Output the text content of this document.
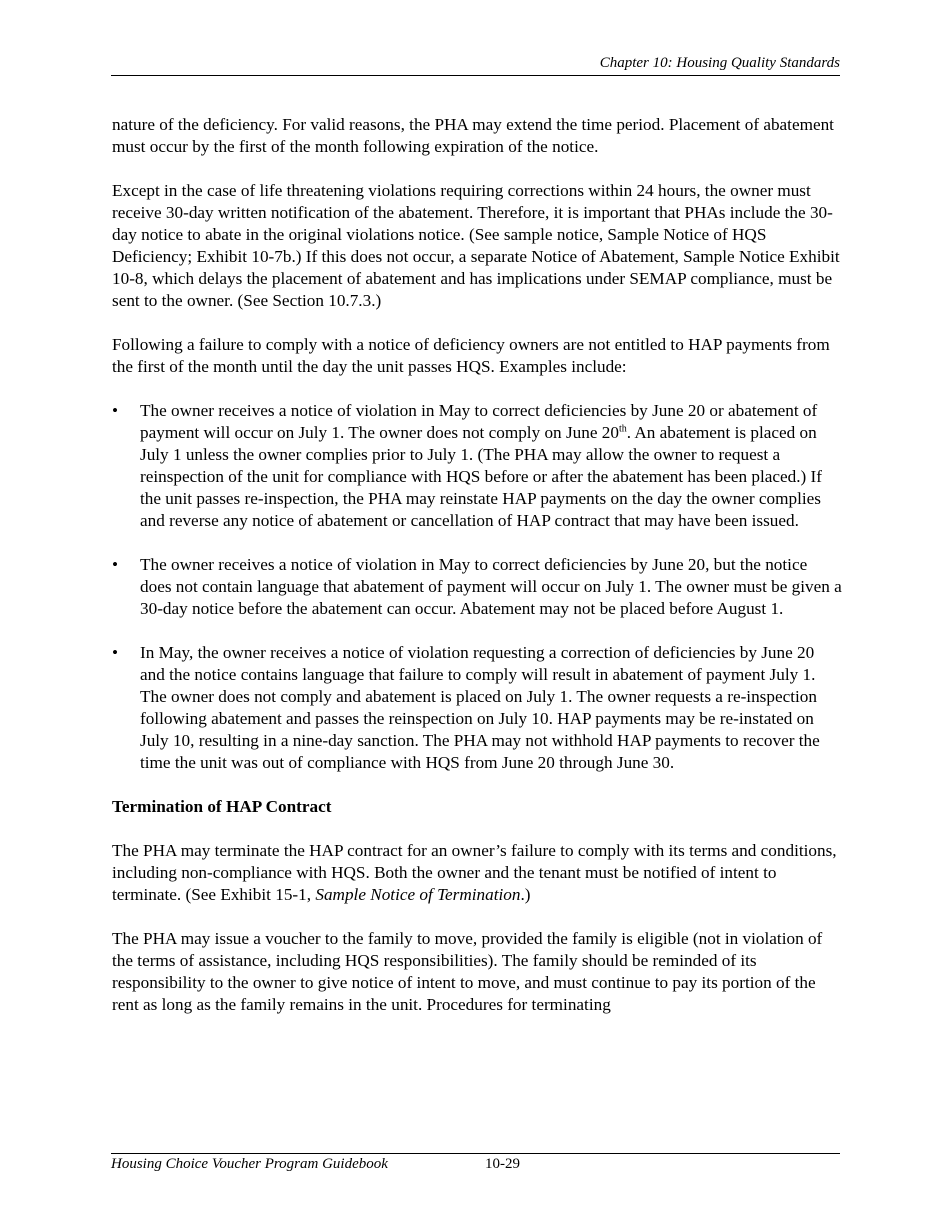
Chapter 10: Housing Quality Standards

nature of the deficiency. For valid reasons, the PHA may extend the time period. Placement of abatement must occur by the first of the month following expiration of the notice.

Except in the case of life threatening violations requiring corrections within 24 hours, the owner must receive 30-day written notification of the abatement. Therefore, it is important that PHAs include the 30-day notice to abate in the original violations notice. (See sample notice, Sample Notice of HQS Deficiency; Exhibit 10-7b.) If this does not occur, a separate Notice of Abatement, Sample Notice Exhibit 10-8, which delays the placement of abatement and has implications under SEMAP compliance, must be sent to the owner. (See Section 10.7.3.)

Following a failure to comply with a notice of deficiency owners are not entitled to HAP payments from the first of the month until the day the unit passes HQS. Examples include:

• The owner receives a notice of violation in May to correct deficiencies by June 20 or abatement of payment will occur on July 1. The owner does not comply on June 20th. An abatement is placed on July 1 unless the owner complies prior to July 1. (The PHA may allow the owner to request a reinspection of the unit for compliance with HQS before or after the abatement has been placed.) If the unit passes re-inspection, the PHA may reinstate HAP payments on the day the owner complies and reverse any notice of abatement or cancellation of HAP contract that may have been issued.
• The owner receives a notice of violation in May to correct deficiencies by June 20, but the notice does not contain language that abatement of payment will occur on July 1. The owner must be given a 30-day notice before the abatement can occur. Abatement may not be placed before August 1.
• In May, the owner receives a notice of violation requesting a correction of deficiencies by June 20 and the notice contains language that failure to comply will result in abatement of payment July 1. The owner does not comply and abatement is placed on July 1. The owner requests a re-inspection following abatement and passes the reinspection on July 10. HAP payments may be re-instated on July 10, resulting in a nine-day sanction. The PHA may not withhold HAP payments to recover the time the unit was out of compliance with HQS from June 20 through June 30.
Termination of HAP Contract

The PHA may terminate the HAP contract for an owner’s failure to comply with its terms and conditions, including non-compliance with HQS. Both the owner and the tenant must be notified of intent to terminate. (See Exhibit 15-1, Sample Notice of Termination.)

The PHA may issue a voucher to the family to move, provided the family is eligible (not in violation of the terms of assistance, including HQS responsibilities). The family should be reminded of its responsibility to the owner to give notice of intent to move, and must continue to pay its portion of the rent as long as the family remains in the unit. Procedures for terminating

Housing Choice Voucher Program Guidebook	10-29
